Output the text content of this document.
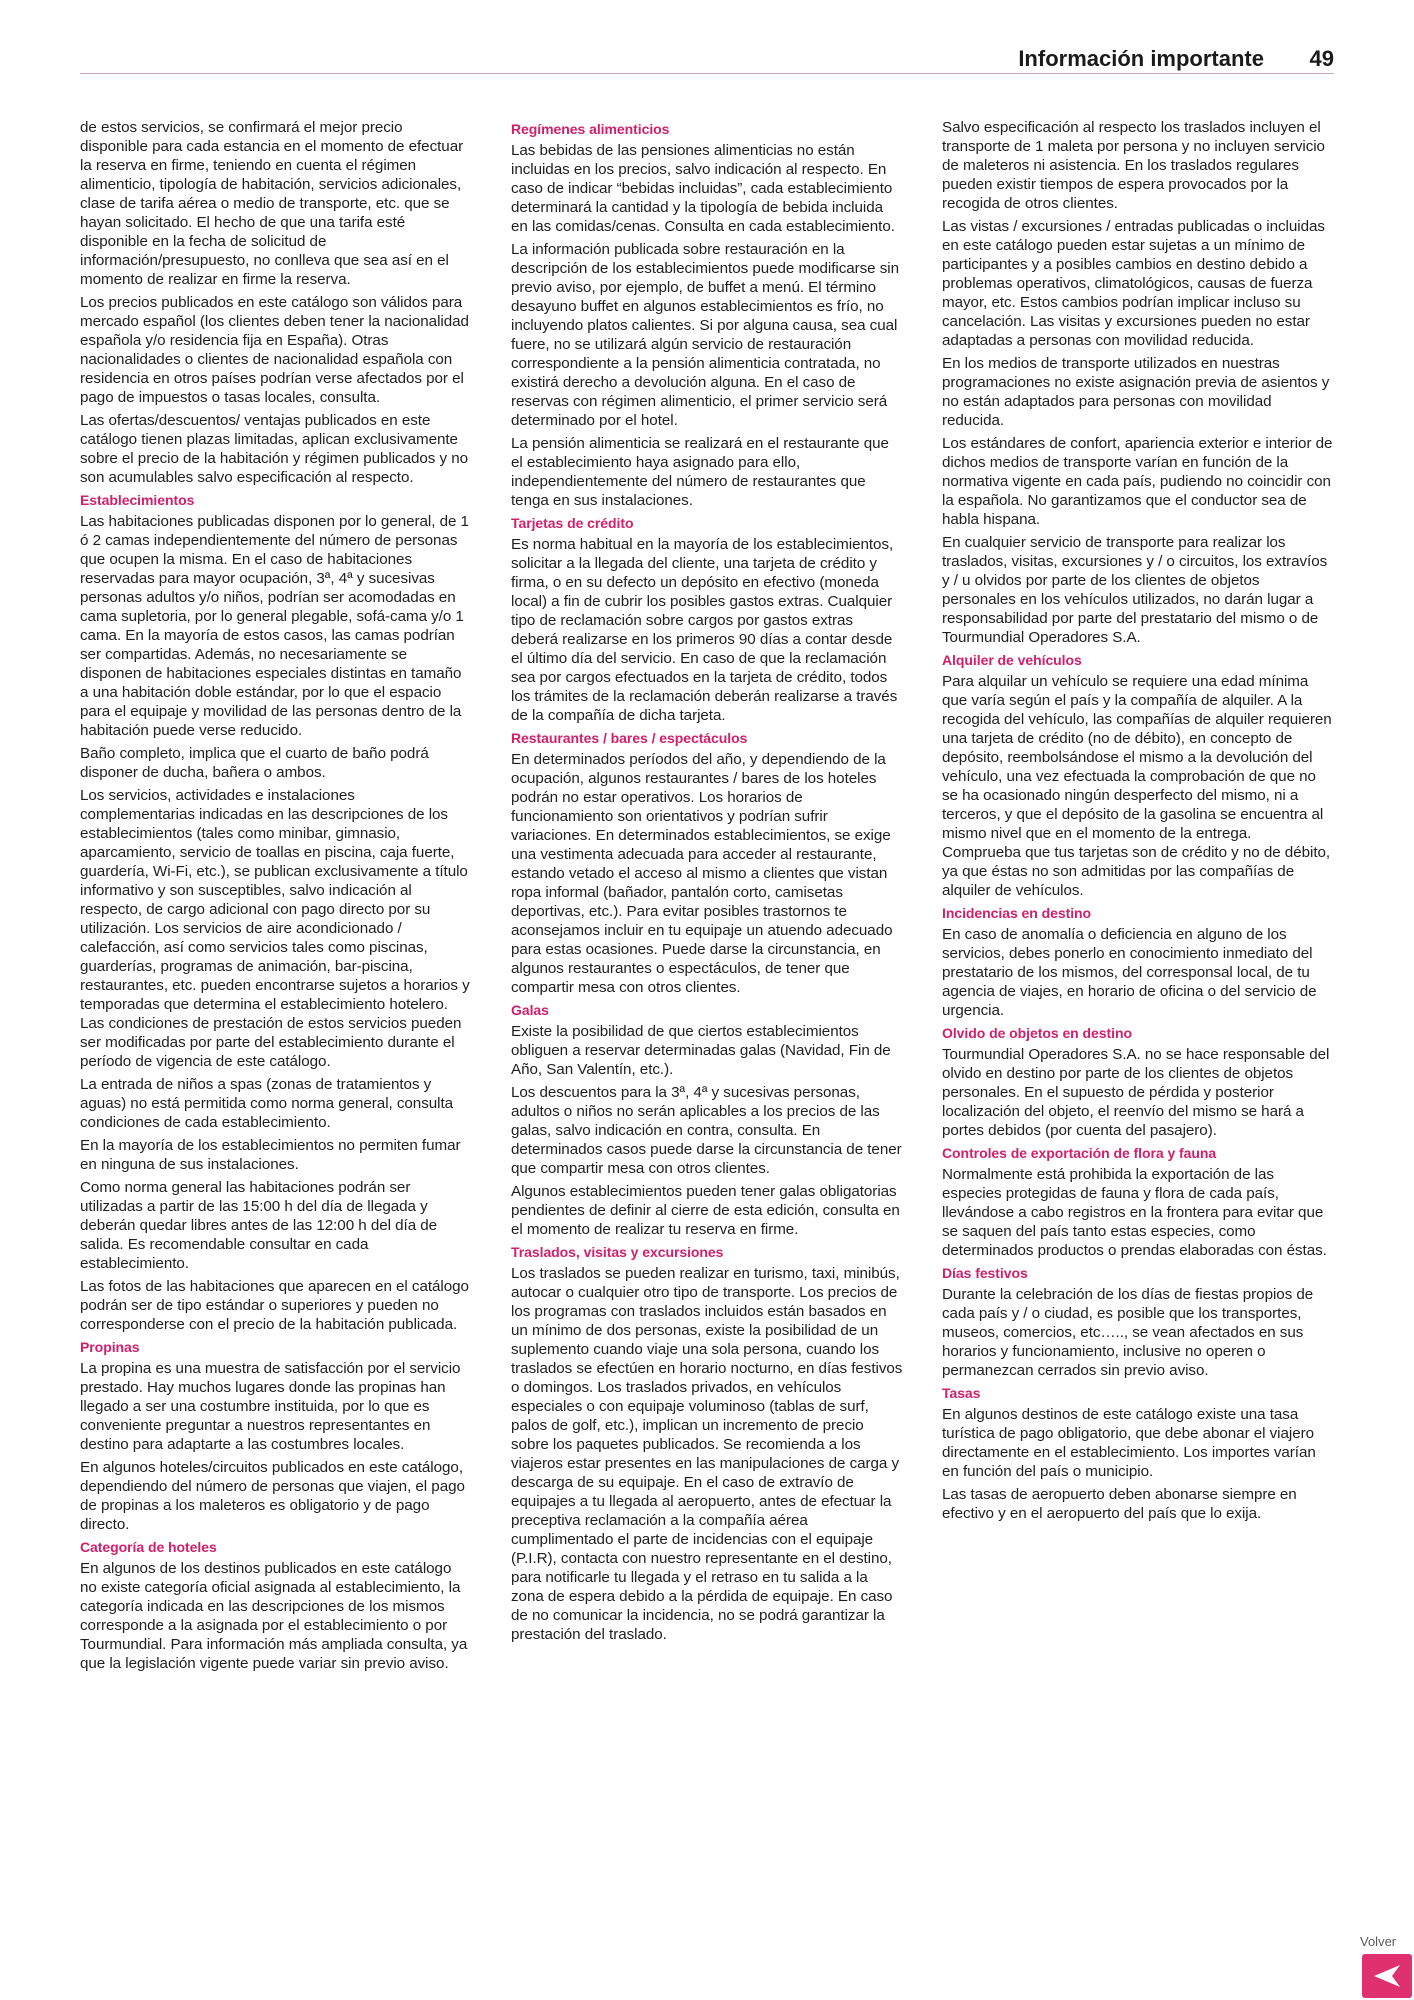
Información importante 49

de estos servicios, se confirmará el mejor precio disponible para cada estancia en el momento de efectuar la reserva en firme, teniendo en cuenta el régimen alimenticio, tipología de habitación, servicios adicionales, clase de tarifa aérea o medio de transporte, etc. que se hayan solicitado. El hecho de que una tarifa esté disponible en la fecha de solicitud de información/presupuesto, no conlleva que sea así en el momento de realizar en firme la reserva.

Los precios publicados en este catálogo son válidos para mercado español (los clientes deben tener la nacionalidad española y/o residencia fija en España). Otras nacionalidades o clientes de nacionalidad española con residencia en otros países podrían verse afectados por el pago de impuestos o tasas locales, consulta.

Las ofertas/descuentos/ ventajas publicados en este catálogo tienen plazas limitadas, aplican exclusivamente sobre el precio de la habitación y régimen publicados y no son acumulables salvo especificación al respecto.

Establecimientos

Las habitaciones publicadas disponen por lo general, de 1 ó 2 camas independientemente del número de personas que ocupen la misma. En el caso de habitaciones reservadas para mayor ocupación, 3ª, 4ª y sucesivas personas adultos y/o niños, podrían ser acomodadas en cama supletoria, por lo general plegable, sofá-cama y/o 1 cama. En la mayoría de estos casos, las camas podrían ser compartidas. Además, no necesariamente se disponen de habitaciones especiales distintas en tamaño a una habitación doble estándar, por lo que el espacio para el equipaje y movilidad de las personas dentro de la habitación puede verse reducido.

Baño completo, implica que el cuarto de baño podrá disponer de ducha, bañera o ambos.

Los servicios, actividades e instalaciones complementarias indicadas en las descripciones de los establecimientos (tales como minibar, gimnasio, aparcamiento, servicio de toallas en piscina, caja fuerte, guardería, Wi-Fi, etc.), se publican exclusivamente a título informativo y son susceptibles, salvo indicación al respecto, de cargo adicional con pago directo por su utilización. Los servicios de aire acondicionado / calefacción, así como servicios tales como piscinas, guarderías, programas de animación, bar-piscina, restaurantes, etc. pueden encontrarse sujetos a horarios y temporadas que determina el establecimiento hotelero. Las condiciones de prestación de estos servicios pueden ser modificadas por parte del establecimiento durante el período de vigencia de este catálogo.

La entrada de niños a spas (zonas de tratamientos y aguas) no está permitida como norma general, consulta condiciones de cada establecimiento.

En la mayoría de los establecimientos no permiten fumar en ninguna de sus instalaciones.

Como norma general las habitaciones podrán ser utilizadas a partir de las 15:00 h del día de llegada y deberán quedar libres antes de las 12:00 h del día de salida. Es recomendable consultar en cada establecimiento.

Las fotos de las habitaciones que aparecen en el catálogo podrán ser de tipo estándar o superiores y pueden no corresponderse con el precio de la habitación publicada.

Propinas

La propina es una muestra de satisfacción por el servicio prestado. Hay muchos lugares donde las propinas han llegado a ser una costumbre instituida, por lo que es conveniente preguntar a nuestros representantes en destino para adaptarte a las costumbres locales.

En algunos hoteles/circuitos publicados en este catálogo, dependiendo del número de personas que viajen, el pago de propinas a los maleteros es obligatorio y de pago directo.

Categoría de hoteles

En algunos de los destinos publicados en este catálogo no existe categoría oficial asignada al establecimiento, la categoría indicada en las descripciones de los mismos corresponde a la asignada por el establecimiento o por Tourmundial. Para información más ampliada consulta, ya que la legislación vigente puede variar sin previo aviso.

Regímenes alimenticios

Las bebidas de las pensiones alimenticias no están incluidas en los precios, salvo indicación al respecto. En caso de indicar “bebidas incluidas”, cada establecimiento determinará la cantidad y la tipología de bebida incluida en las comidas/cenas. Consulta en cada establecimiento.

La información publicada sobre restauración en la descripción de los establecimientos puede modificarse sin previo aviso, por ejemplo, de buffet a menú. El término desayuno buffet en algunos establecimientos es frío, no incluyendo platos calientes. Si por alguna causa, sea cual fuere, no se utilizará algún servicio de restauración correspondiente a la pensión alimenticia contratada, no existirá derecho a devolución alguna. En el caso de reservas con régimen alimenticio, el primer servicio será determinado por el hotel.

La pensión alimenticia se realizará en el restaurante que el establecimiento haya asignado para ello, independientemente del número de restaurantes que tenga en sus instalaciones.

Tarjetas de crédito

Es norma habitual en la mayoría de los establecimientos, solicitar a la llegada del cliente, una tarjeta de crédito y firma, o en su defecto un depósito en efectivo (moneda local) a fin de cubrir los posibles gastos extras. Cualquier tipo de reclamación sobre cargos por gastos extras deberá realizarse en los primeros 90 días a contar desde el último día del servicio. En caso de que la reclamación sea por cargos efectuados en la tarjeta de crédito, todos los trámites de la reclamación deberán realizarse a través de la compañía de dicha tarjeta.

Restaurantes / bares / espectáculos

En determinados períodos del año, y dependiendo de la ocupación, algunos restaurantes / bares de los hoteles podrán no estar operativos. Los horarios de funcionamiento son orientativos y podrían sufrir variaciones. En determinados establecimientos, se exige una vestimenta adecuada para acceder al restaurante, estando vetado el acceso al mismo a clientes que vistan ropa informal (bañador, pantalón corto, camisetas deportivas, etc.). Para evitar posibles trastornos te aconsejamos incluir en tu equipaje un atuendo adecuado para estas ocasiones. Puede darse la circunstancia, en algunos restaurantes o espectáculos, de tener que compartir mesa con otros clientes.

Galas

Existe la posibilidad de que ciertos establecimientos obliguen a reservar determinadas galas (Navidad, Fin de Año, San Valentín, etc.).

Los descuentos para la 3ª, 4ª y sucesivas personas, adultos o niños no serán aplicables a los precios de las galas, salvo indicación en contra, consulta. En determinados casos puede darse la circunstancia de tener que compartir mesa con otros clientes.

Algunos establecimientos pueden tener galas obligatorias pendientes de definir al cierre de esta edición, consulta en el momento de realizar tu reserva en firme.

Traslados, visitas y excursiones

Los traslados se pueden realizar en turismo, taxi, minibús, autocar o cualquier otro tipo de transporte. Los precios de los programas con traslados incluidos están basados en un mínimo de dos personas, existe la posibilidad de un suplemento cuando viaje una sola persona, cuando los traslados se efectúen en horario nocturno, en días festivos o domingos. Los traslados privados, en vehículos especiales o con equipaje voluminoso (tablas de surf, palos de golf, etc.), implican un incremento de precio sobre los paquetes publicados. Se recomienda a los viajeros estar presentes en las manipulaciones de carga y descarga de su equipaje. En el caso de extravío de equipajes a tu llegada al aeropuerto, antes de efectuar la preceptiva reclamación a la compañía aérea cumplimentado el parte de incidencias con el equipaje (P.I.R), contacta con nuestro representante en el destino, para notificarle tu llegada y el retraso en tu salida a la zona de espera debido a la pérdida de equipaje. En caso de no comunicar la incidencia, no se podrá garantizar la prestación del traslado.

Salvo especificación al respecto los traslados incluyen el transporte de 1 maleta por persona y no incluyen servicio de maleteros ni asistencia. En los traslados regulares pueden existir tiempos de espera provocados por la recogida de otros clientes.

Las vistas / excursiones / entradas publicadas o incluidas en este catálogo pueden estar sujetas a un mínimo de participantes y a posibles cambios en destino debido a problemas operativos, climatológicos, causas de fuerza mayor, etc. Estos cambios podrían implicar incluso su cancelación. Las visitas y excursiones pueden no estar adaptadas a personas con movilidad reducida.

En los medios de transporte utilizados en nuestras programaciones no existe asignación previa de asientos y no están adaptados para personas con movilidad reducida.

Los estándares de confort, apariencia exterior e interior de dichos medios de transporte varían en función de la normativa vigente en cada país, pudiendo no coincidir con la española. No garantizamos que el conductor sea de habla hispana.

En cualquier servicio de transporte para realizar los traslados, visitas, excursiones y / o circuitos, los extravíos y / u olvidos por parte de los clientes de objetos personales en los vehículos utilizados, no darán lugar a responsabilidad por parte del prestatario del mismo o de Tourmundial Operadores S.A.

Alquiler de vehículos

Para alquilar un vehículo se requiere una edad mínima que varía según el país y la compañía de alquiler. A la recogida del vehículo, las compañías de alquiler requieren una tarjeta de crédito (no de débito), en concepto de depósito, reembolsándose el mismo a la devolución del vehículo, una vez efectuada la comprobación de que no se ha ocasionado ningún desperfecto del mismo, ni a terceros, y que el depósito de la gasolina se encuentra al mismo nivel que en el momento de la entrega. Comprueba que tus tarjetas son de crédito y no de débito, ya que éstas no son admitidas por las compañías de alquiler de vehículos.

Incidencias en destino

En caso de anomalía o deficiencia en alguno de los servicios, debes ponerlo en conocimiento inmediato del prestatario de los mismos, del corresponsal local, de tu agencia de viajes, en horario de oficina o del servicio de urgencia.

Olvido de objetos en destino

Tourmundial Operadores S.A. no se hace responsable del olvido en destino por parte de los clientes de objetos personales. En el supuesto de pérdida y posterior localización del objeto, el reenvío del mismo se hará a portes debidos (por cuenta del pasajero).

Controles de exportación de flora y fauna

Normalmente está prohibida la exportación de las especies protegidas de fauna y flora de cada país, llevándose a cabo registros en la frontera para evitar que se saquen del país tanto estas especies, como determinados productos o prendas elaboradas con éstas.

Días festivos

Durante la celebración de los días de fiestas propios de cada país y / o ciudad, es posible que los transportes, museos, comercios, etc….., se vean afectados en sus horarios y funcionamiento, inclusive no operen o permanezcan cerrados sin previo aviso.

Tasas

En algunos destinos de este catálogo existe una tasa turística de pago obligatorio, que debe abonar el viajero directamente en el establecimiento. Los importes varían en función del país o municipio.

Las tasas de aeropuerto deben abonarse siempre en efectivo y en el aeropuerto del país que lo exija.

Volver
